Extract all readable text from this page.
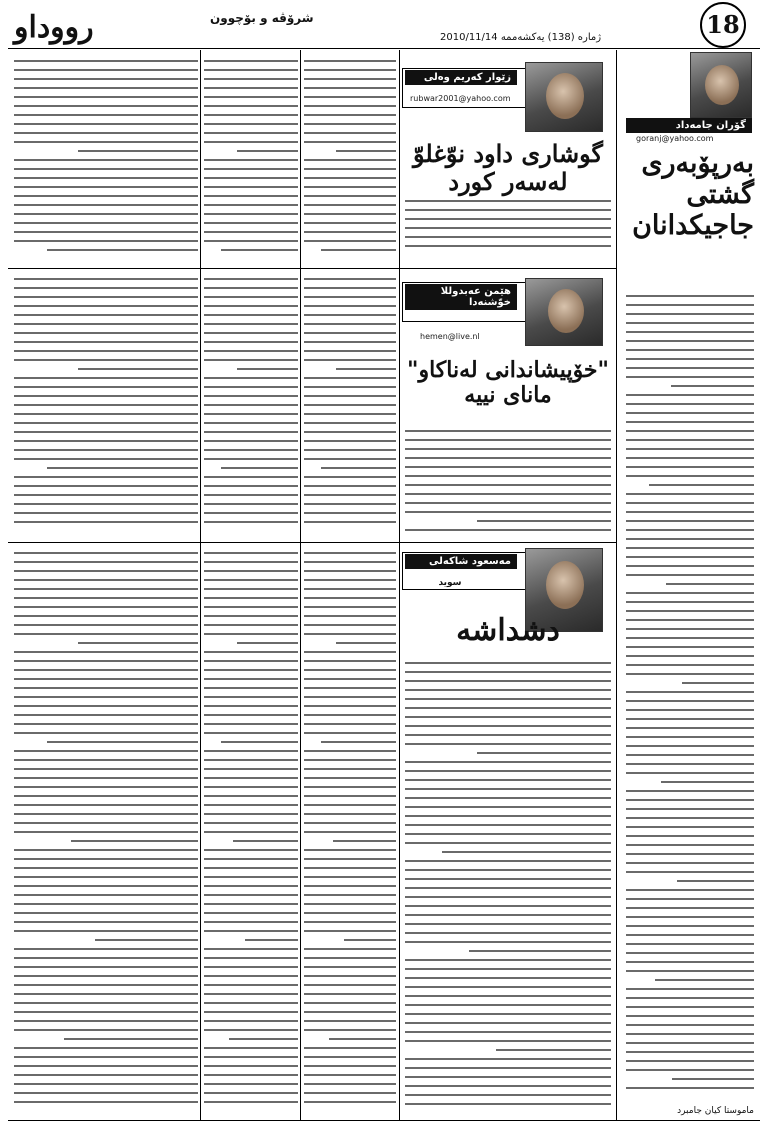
ﺭﻭﻭﺩﺍﻭ	ﺷﺮۆﭬﻪ ﻭ ﺑﯚﭼﻮﻭﻥ
ژماره (138) یەکشەممە 2010/11/14	18
گۆران جامەداد
goranj@yahoo.com
بەرپۆبەری گشتی جاجیکدانان
ماموستا کیان جامبرد
زێوار کەریم وەلی
rubwar2001@yahoo.com
گوشاری داود نوّغلوّ لەسەر کورد
هێمن عەبدوللا خوّشنەدا
hemen@live.nl
"خۆپیشاندانی لەناکاو" مانای نییە
مەسعود شاکەلی
سوید
دشداشە
